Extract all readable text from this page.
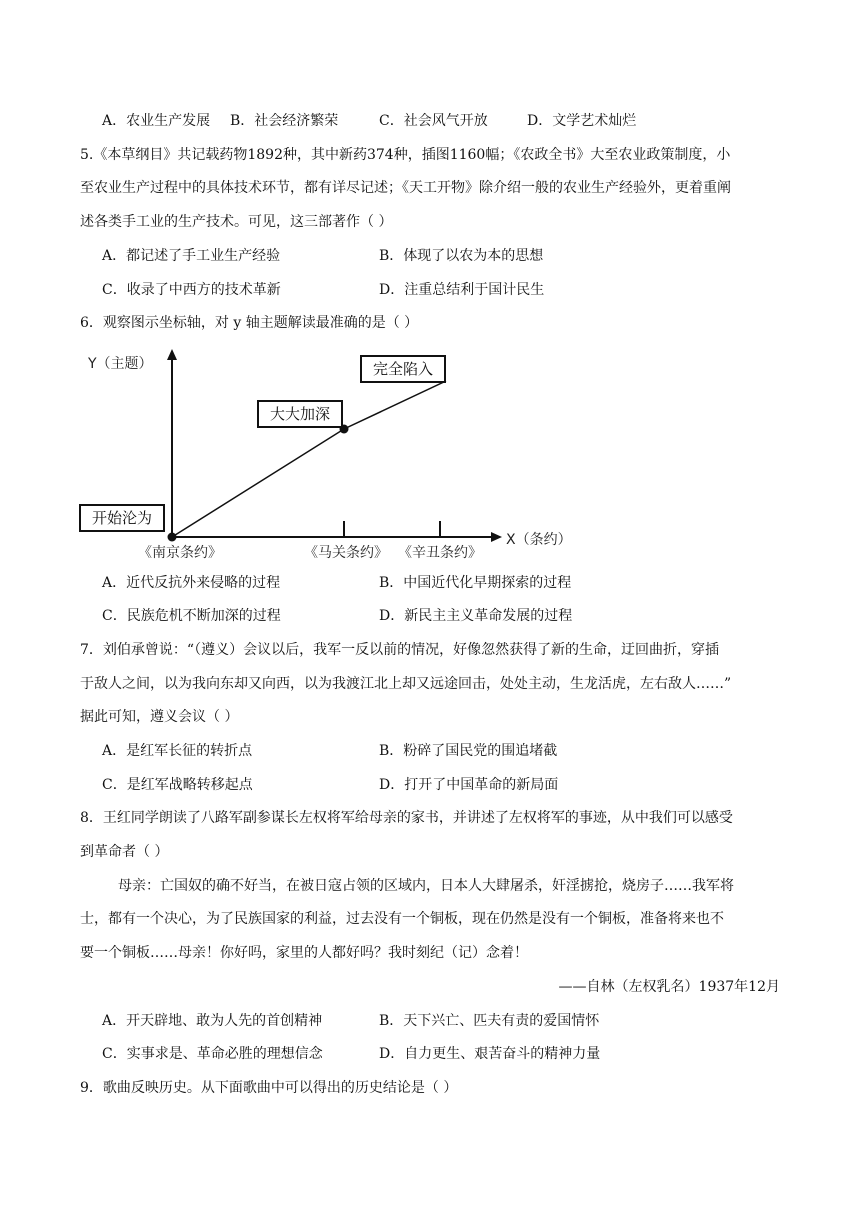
A．农业生产发展 B．社会经济繁荣	C．社会风气开放	D．文学艺术灿烂
5.《本草纲目》共记载药物1892种，其中新药374种，插图1160幅；《农政全书》大至农业政策制度，小
至农业生产过程中的具体技术环节，都有详尽记述；《天工开物》除介绍一般的农业生产经验外，更着重阐
述各类手工业的生产技术。可见，这三部著作（ ）
A．都记述了手工业生产经验	B．体现了以农为本的思想
C．收录了中西方的技术革新	D．注重总结利于国计民生
6．观察图示坐标轴，对 y 轴主题解读最准确的是（ ）
Y（主题）
X（条约）
开始沦为
大大加深
完全陷入
《南京条约》	《马关条约》 《辛丑条约》
A．近代反抗外来侵略的过程	B．中国近代化早期探索的过程
C．民族危机不断加深的过程	D．新民主主义革命发展的过程
7．刘伯承曾说：“（遵义）会议以后，我军一反以前的情况，好像忽然获得了新的生命，迂回曲折，穿插
于敌人之间，以为我向东却又向西，以为我渡江北上却又远途回击，处处主动，生龙活虎，左右敌人……”
据此可知，遵义会议（ ）
A．是红军长征的转折点	B．粉碎了国民党的围追堵截
C．是红军战略转移起点	D．打开了中国革命的新局面
8．王红同学朗读了八路军副参谋长左权将军给母亲的家书，并讲述了左权将军的事迹，从中我们可以感受
到革命者（ ）
母亲：亡国奴的确不好当，在被日寇占领的区域内，日本人大肆屠杀，奸淫掳抢，烧房子……我军将
士，都有一个决心，为了民族国家的利益，过去没有一个铜板，现在仍然是没有一个铜板，准备将来也不
要一个铜板……母亲！你好吗，家里的人都好吗？我时刻纪（记）念着！
——自林（左权乳名）1937年12月
A．开天辟地、敢为人先的首创精神	B．天下兴亡、匹夫有责的爱国情怀
C．实事求是、革命必胜的理想信念	D．自力更生、艰苦奋斗的精神力量
9．歌曲反映历史。从下面歌曲中可以得出的历史结论是（ ）
